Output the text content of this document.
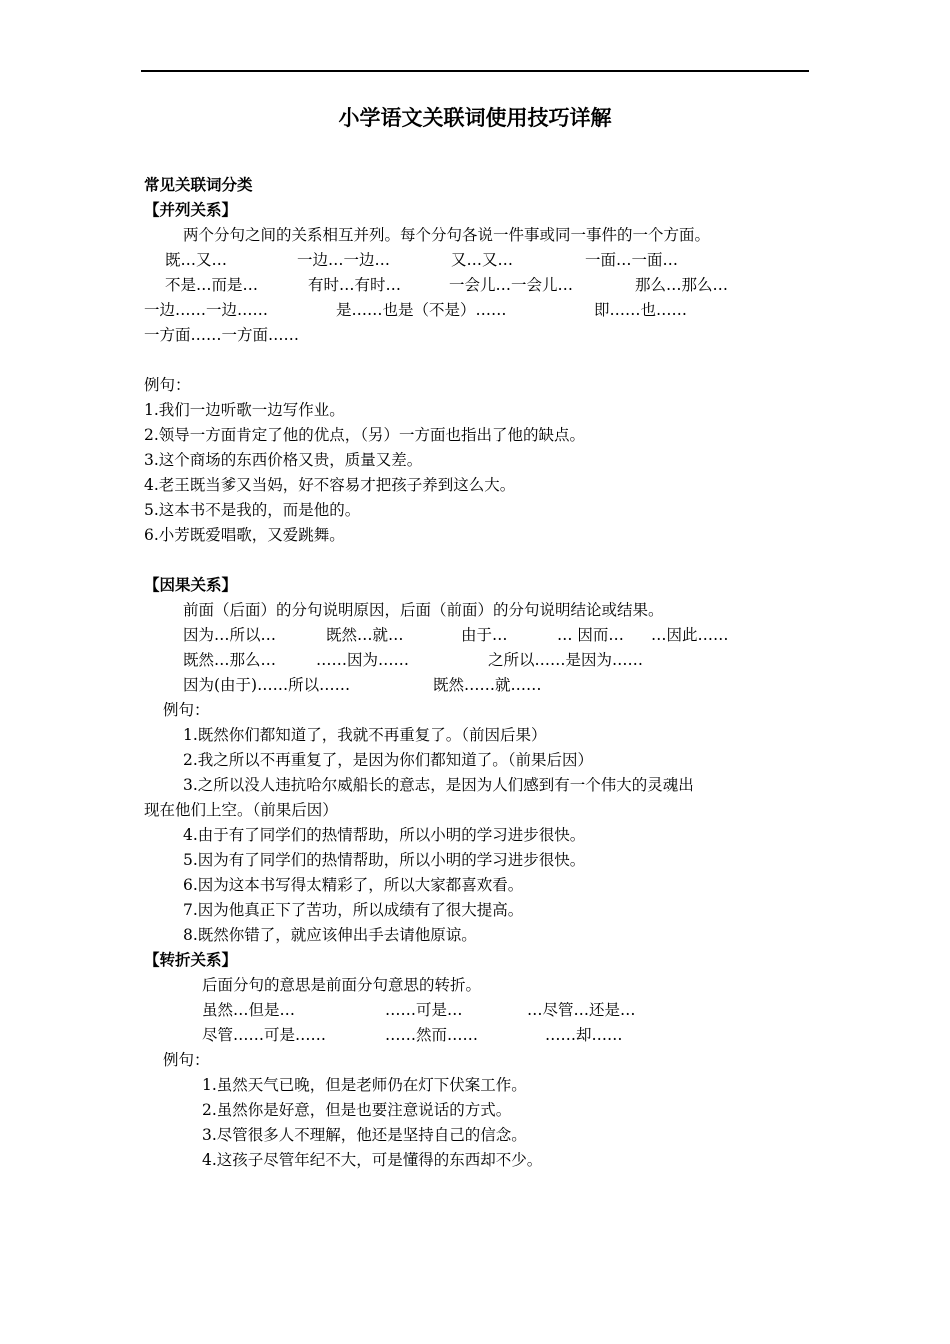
小学语文关联词使用技巧详解
常见关联词分类
【并列关系】
两个分句之间的关系相互并列。每个分句各说一件事或同一事件的一个方面。
既…又…	一边…一边…	又…又…	一面…一面…
不是…而是…	有时…有时…	一会儿…一会儿…	那么…那么…
一边……一边……	是……也是（不是）……	即……也……
一方面……一方面……
例句：
1.我们一边听歌一边写作业。
2.领导一方面肯定了他的优点，（另）一方面也指出了他的缺点。
3.这个商场的东西价格又贵，质量又差。
4.老王既当爹又当妈，好不容易才把孩子养到这么大。
5.这本书不是我的，而是他的。
6.小芳既爱唱歌，又爱跳舞。
【因果关系】
前面（后面）的分句说明原因，后面（前面）的分句说明结论或结果。
因为…所以…	既然…就…	由于…	… 因而… …因此……
既然…那么…	……因为……	之所以……是因为……
因为(由于)……所以……	既然……就……
例句：
1.既然你们都知道了，我就不再重复了。（前因后果）
2.我之所以不再重复了，是因为你们都知道了。（前果后因）
3.之所以没人违抗哈尔威船长的意志，是因为人们感到有一个伟大的灵魂出
现在他们上空。（前果后因）
4.由于有了同学们的热情帮助，所以小明的学习进步很快。
5.因为有了同学们的热情帮助，所以小明的学习进步很快。
6.因为这本书写得太精彩了，所以大家都喜欢看。
7.因为他真正下了苦功，所以成绩有了很大提高。
8.既然你错了，就应该伸出手去请他原谅。
【转折关系】
后面分句的意思是前面分句意思的转折。
虽然…但是…	……可是…	…尽管…还是…
尽管……可是……	……然而……	……却……
例句：
1.虽然天气已晚，但是老师仍在灯下伏案工作。
2.虽然你是好意，但是也要注意说话的方式。
3.尽管很多人不理解，他还是坚持自己的信念。
4.这孩子尽管年纪不大，可是懂得的东西却不少。
